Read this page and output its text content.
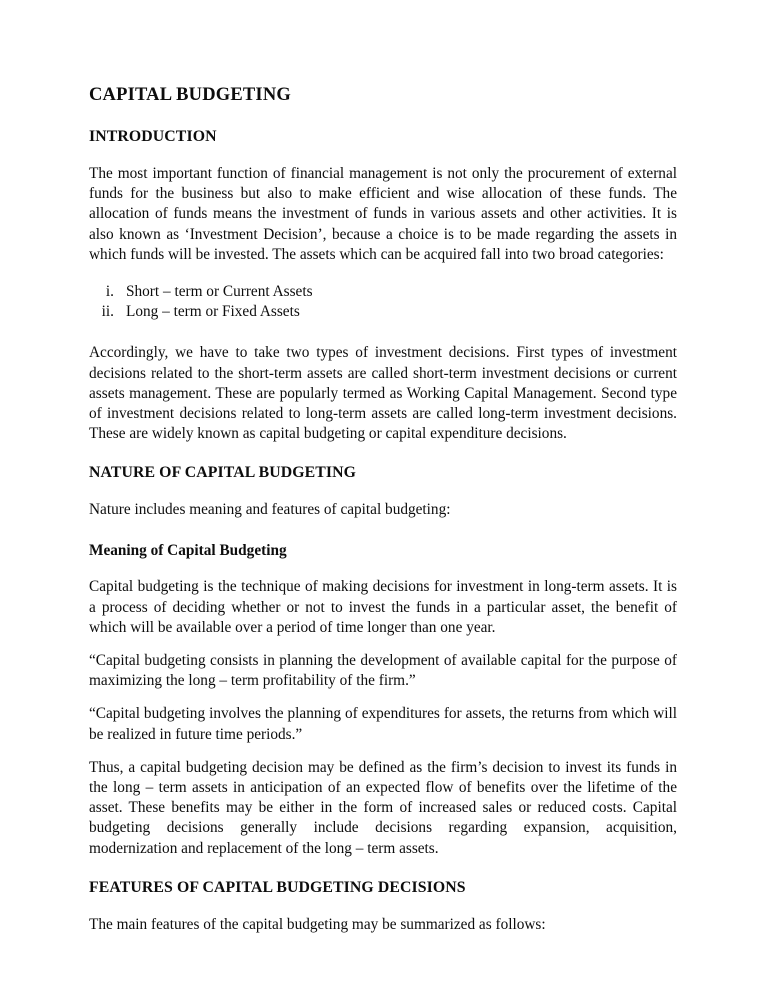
CAPITAL BUDGETING
INTRODUCTION

The most important function of financial management is not only the procurement of external funds for the business but also to make efficient and wise allocation of these funds. The allocation of funds means the investment of funds in various assets and other activities. It is also known as ‘Investment Decision’, because a choice is to be made regarding the assets in which funds will be invested. The assets which can be acquired fall into two broad categories:

i. Short – term or Current Assets
ii. Long – term or Fixed Assets

Accordingly, we have to take two types of investment decisions. First types of investment decisions related to the short-term assets are called short-term investment decisions or current assets management. These are popularly termed as Working Capital Management. Second type of investment decisions related to long-term assets are called long-term investment decisions. These are widely known as capital budgeting or capital expenditure decisions.

NATURE OF CAPITAL BUDGETING

Nature includes meaning and features of capital budgeting:

Meaning of Capital Budgeting

Capital budgeting is the technique of making decisions for investment in long-term assets. It is a process of deciding whether or not to invest the funds in a particular asset, the benefit of which will be available over a period of time longer than one year.

“Capital budgeting consists in planning the development of available capital for the purpose of maximizing the long – term profitability of the firm.”

“Capital budgeting involves the planning of expenditures for assets, the returns from which will be realized in future time periods.”

Thus, a capital budgeting decision may be defined as the firm’s decision to invest its funds in the long – term assets in anticipation of an expected flow of benefits over the lifetime of the asset. These benefits may be either in the form of increased sales or reduced costs. Capital budgeting decisions generally include decisions regarding expansion, acquisition, modernization and replacement of the long – term assets.

FEATURES OF CAPITAL BUDGETING DECISIONS

The main features of the capital budgeting may be summarized as follows:
